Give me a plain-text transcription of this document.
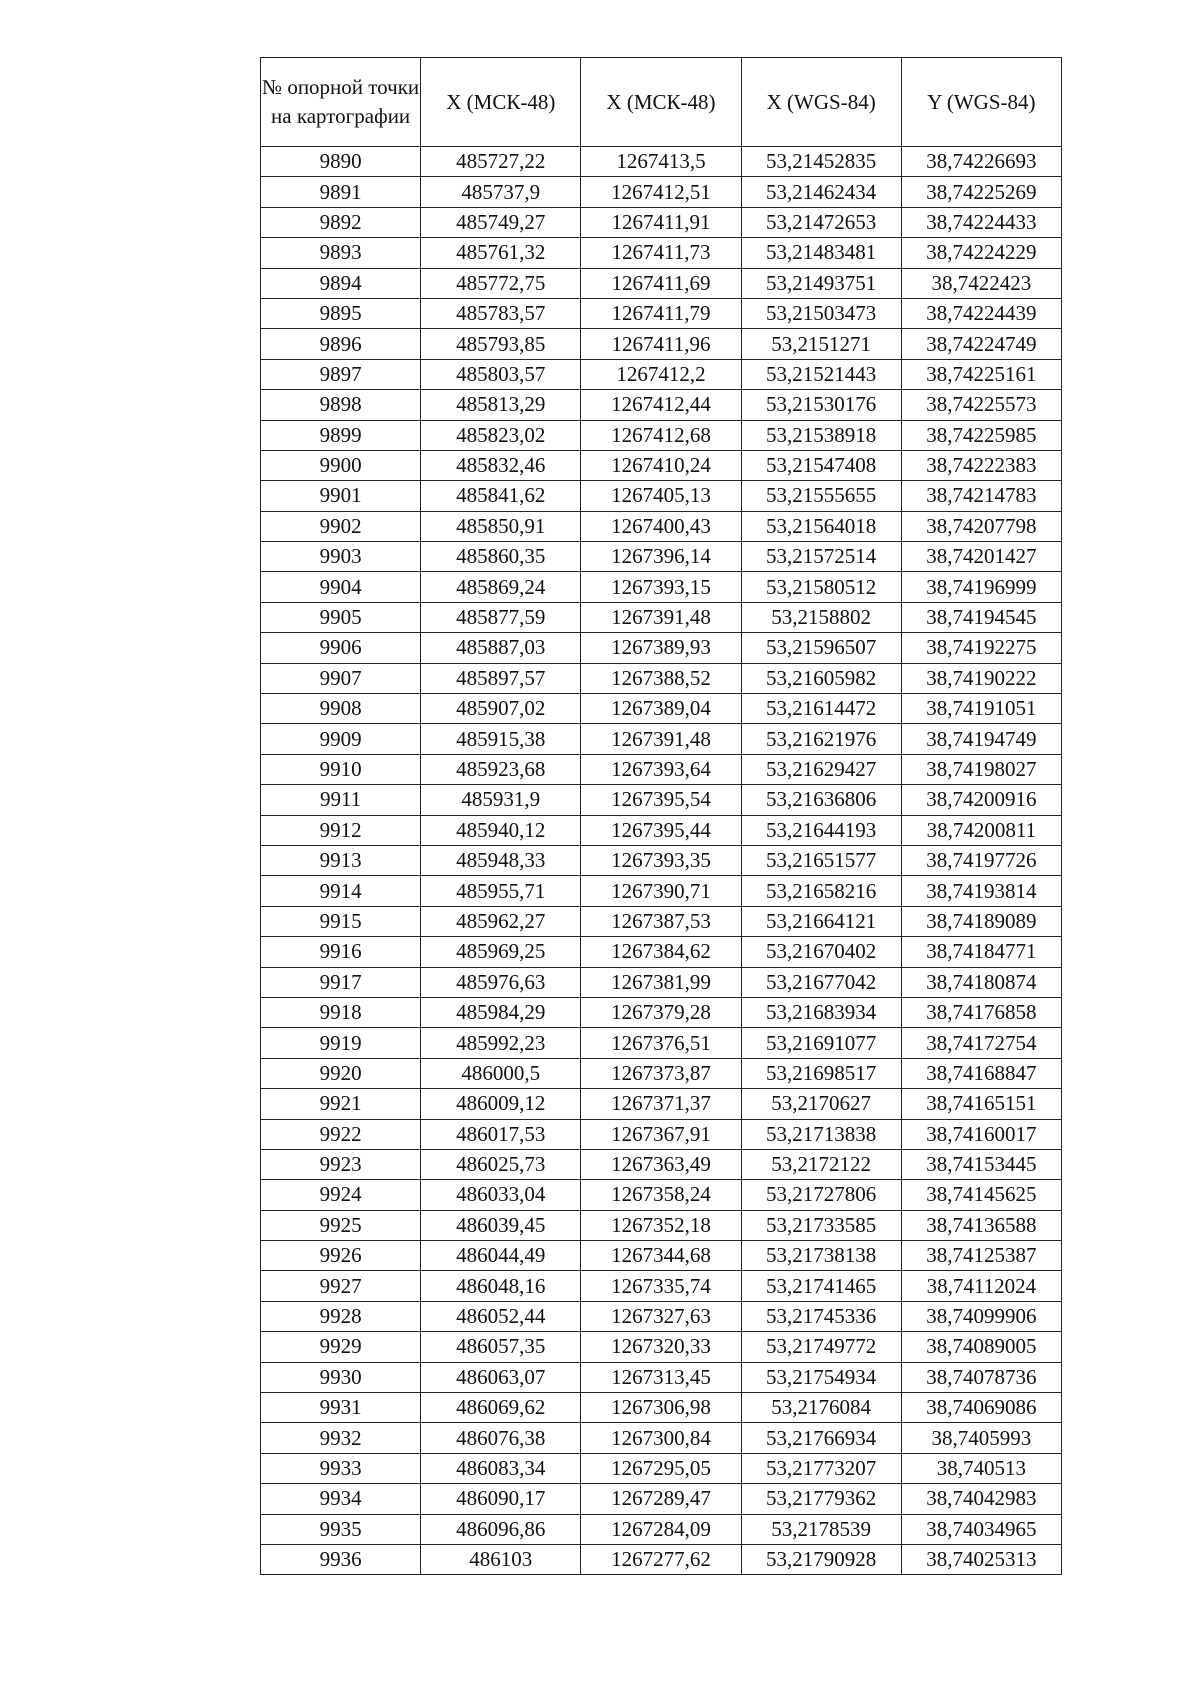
№ опорной точки на картографии	X (МСК-48)	X (МСК-48)	X (WGS-84)	Y (WGS-84)
9890	485727,22	1267413,5	53,21452835	38,74226693
9891	485737,9	1267412,51	53,21462434	38,74225269
9892	485749,27	1267411,91	53,21472653	38,74224433
9893	485761,32	1267411,73	53,21483481	38,74224229
9894	485772,75	1267411,69	53,21493751	38,7422423
9895	485783,57	1267411,79	53,21503473	38,74224439
9896	485793,85	1267411,96	53,2151271	38,74224749
9897	485803,57	1267412,2	53,21521443	38,74225161
9898	485813,29	1267412,44	53,21530176	38,74225573
9899	485823,02	1267412,68	53,21538918	38,74225985
9900	485832,46	1267410,24	53,21547408	38,74222383
9901	485841,62	1267405,13	53,21555655	38,74214783
9902	485850,91	1267400,43	53,21564018	38,74207798
9903	485860,35	1267396,14	53,21572514	38,74201427
9904	485869,24	1267393,15	53,21580512	38,74196999
9905	485877,59	1267391,48	53,2158802	38,74194545
9906	485887,03	1267389,93	53,21596507	38,74192275
9907	485897,57	1267388,52	53,21605982	38,74190222
9908	485907,02	1267389,04	53,21614472	38,74191051
9909	485915,38	1267391,48	53,21621976	38,74194749
9910	485923,68	1267393,64	53,21629427	38,74198027
9911	485931,9	1267395,54	53,21636806	38,74200916
9912	485940,12	1267395,44	53,21644193	38,74200811
9913	485948,33	1267393,35	53,21651577	38,74197726
9914	485955,71	1267390,71	53,21658216	38,74193814
9915	485962,27	1267387,53	53,21664121	38,74189089
9916	485969,25	1267384,62	53,21670402	38,74184771
9917	485976,63	1267381,99	53,21677042	38,74180874
9918	485984,29	1267379,28	53,21683934	38,74176858
9919	485992,23	1267376,51	53,21691077	38,74172754
9920	486000,5	1267373,87	53,21698517	38,74168847
9921	486009,12	1267371,37	53,2170627	38,74165151
9922	486017,53	1267367,91	53,21713838	38,74160017
9923	486025,73	1267363,49	53,2172122	38,74153445
9924	486033,04	1267358,24	53,21727806	38,74145625
9925	486039,45	1267352,18	53,21733585	38,74136588
9926	486044,49	1267344,68	53,21738138	38,74125387
9927	486048,16	1267335,74	53,21741465	38,74112024
9928	486052,44	1267327,63	53,21745336	38,74099906
9929	486057,35	1267320,33	53,21749772	38,74089005
9930	486063,07	1267313,45	53,21754934	38,74078736
9931	486069,62	1267306,98	53,2176084	38,74069086
9932	486076,38	1267300,84	53,21766934	38,7405993
9933	486083,34	1267295,05	53,21773207	38,740513
9934	486090,17	1267289,47	53,21779362	38,74042983
9935	486096,86	1267284,09	53,2178539	38,74034965
9936	486103	1267277,62	53,21790928	38,74025313
